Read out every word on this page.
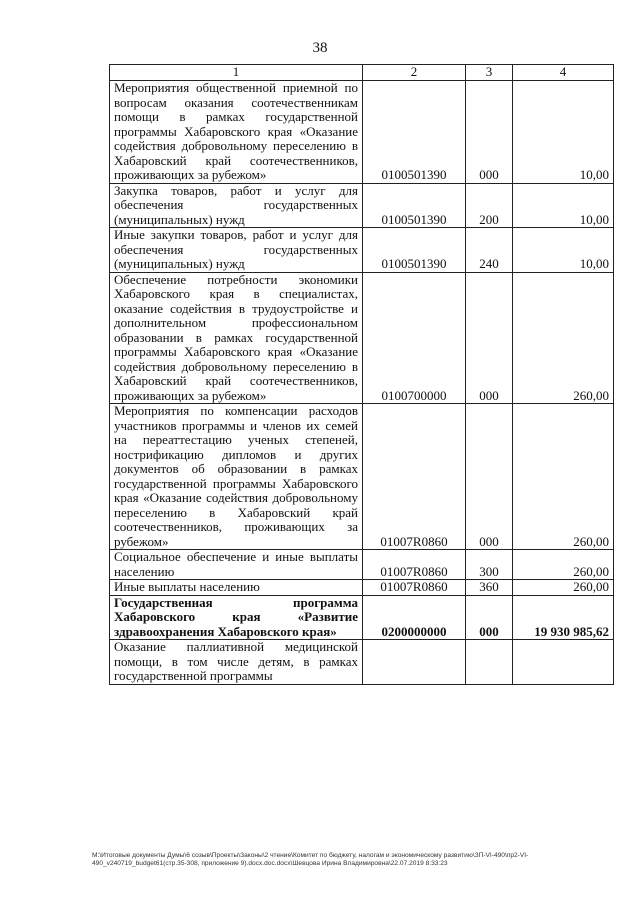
38
1	2	3	4
Мероприятия общественной приемной по вопросам оказания соотечественникам помощи в рамках государственной программы Хабаровского края «Оказание содействия добровольному переселению в Хабаровский край соотечественников, проживающих за рубежом»	0100501390	000	10,00
Закупка товаров, работ и услуг для обеспечения государственных (муниципальных) нужд	0100501390	200	10,00
Иные закупки товаров, работ и услуг для обеспечения государственных (муниципальных) нужд	0100501390	240	10,00
Обеспечение потребности экономики Хабаровского края в специалистах, оказание содействия в трудоустройстве и дополнительном профессиональном образовании в рамках государственной программы Хабаровского края «Оказание содействия добровольному переселению в Хабаровский край соотечественников, проживающих за рубежом»	0100700000	000	260,00
Мероприятия по компенсации расходов участников программы и членов их семей на переаттестацию ученых степеней, нострификацию дипломов и других документов об образовании в рамках государственной программы Хабаровского края «Оказание содействия добровольному переселению в Хабаровский край соотечественников, проживающих за рубежом»	01007R0860	000	260,00
Социальное обеспечение и иные выплаты населению	01007R0860	300	260,00
Иные выплаты населению	01007R0860	360	260,00
Государственная программа Хабаровского края «Развитие здравоохранения Хабаровского края»	0200000000	000	19 930 985,62
Оказание паллиативной медицинской помощи, в том числе детям, в рамках государственной программы			
М:\Итоговые документы Думы\6 созыв\Проекты\Законы\2 чтение\Комитет по бюджету, налогам и экономическому развитию\ЗП-VI-490\пр2-VI-490_v240719_budget61(стр.35-308, приложение 9).docx.doc.docx\Шевцова Ирина Владимировна\22.07.2019 8:33:23
